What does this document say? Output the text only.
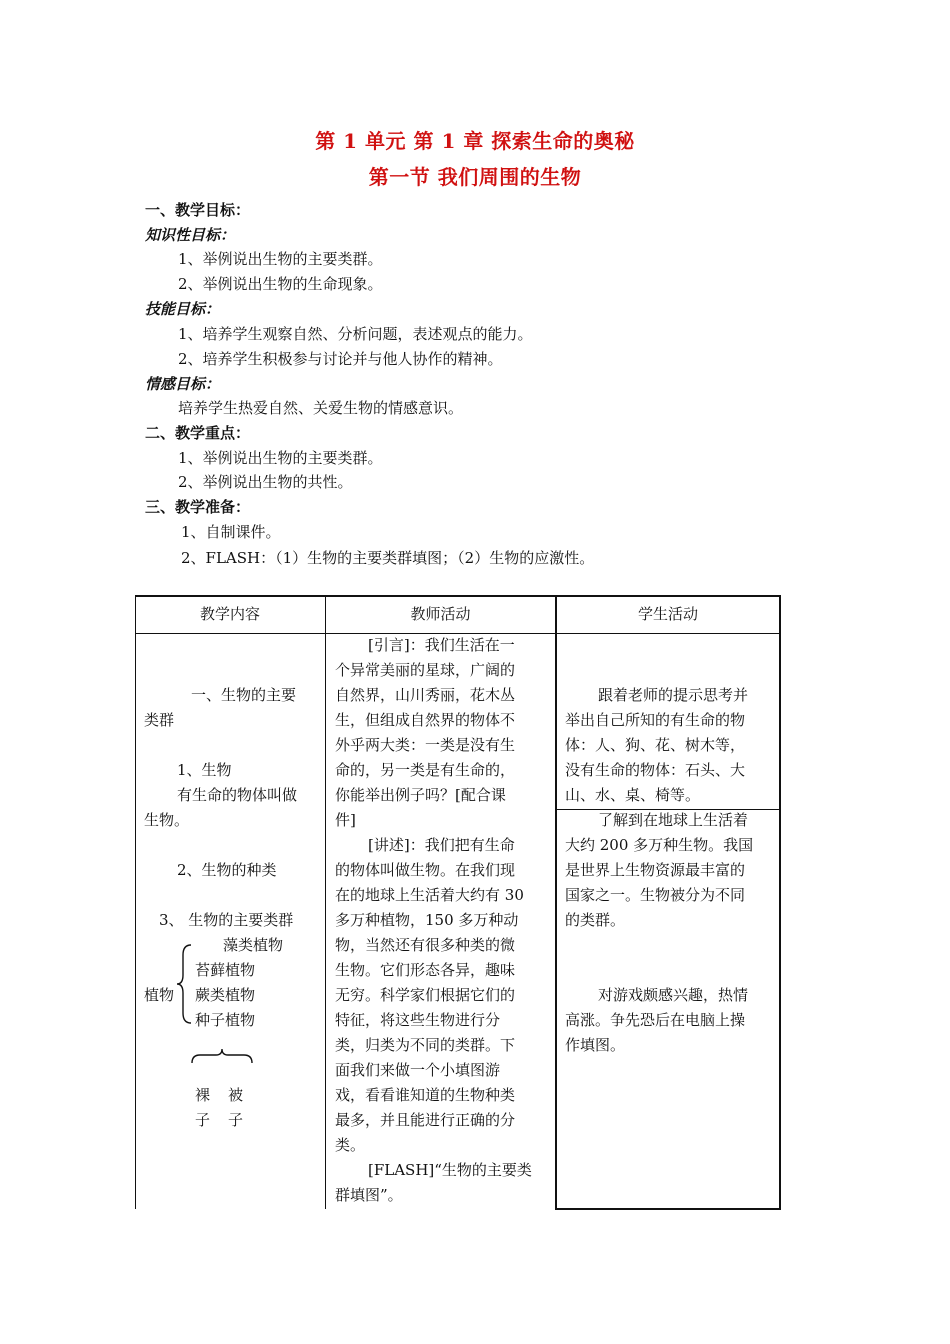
第 1 单元 第 1 章 探索生命的奥秘
第一节 我们周围的生物
一、教学目标：
知识性目标：
1、举例说出生物的主要类群。
2、举例说出生物的生命现象。
技能目标：
1、培养学生观察自然、分析问题，表述观点的能力。
2、培养学生积极参与讨论并与他人协作的精神。
情感目标：
培养学生热爱自然、关爱生物的情感意识。
二、教学重点：
1、举例说出生物的主要类群。
2、举例说出生物的共性。
三、教学准备：
1、自制课件。
2、FLASH：（1）生物的主要类群填图；（2）生物的应激性。
教学内容	教师活动	学生活动
一、生物的主要
类群
1、生物
有生命的物体叫做
生物。
2、生物的种类
3、 生物的主要类群
藻类植物
苔藓植物
植物 蕨类植物
种子植物
裸
子
被
子
[引言]：我们生活在一
个异常美丽的星球，广阔的
自然界，山川秀丽，花木丛
生，但组成自然界的物体不
外乎两大类：一类是没有生
命的，另一类是有生命的，
你能举出例子吗？[配合课
件]
[讲述]：我们把有生命
的物体叫做生物。在我们现
在的地球上生活着大约有 30
多万种植物，150 多万种动
物，当然还有很多种类的微
生物。它们形态各异，趣味
无穷。科学家们根据它们的
特征，将这些生物进行分
类，归类为不同的类群。下
面我们来做一个小填图游
戏，看看谁知道的生物种类
最多，并且能进行正确的分
类。
[FLASH]“生物的主要类
群填图”。
跟着老师的提示思考并
举出自己所知的有生命的物
体：人、狗、花、树木等，
没有生命的物体：石头、大
山、水、桌、椅等。
了解到在地球上生活着
大约 200 多万种生物。我国
是世界上生物资源最丰富的
国家之一。生物被分为不同
的类群。
对游戏颇感兴趣，热情
高涨。争先恐后在电脑上操
作填图。
